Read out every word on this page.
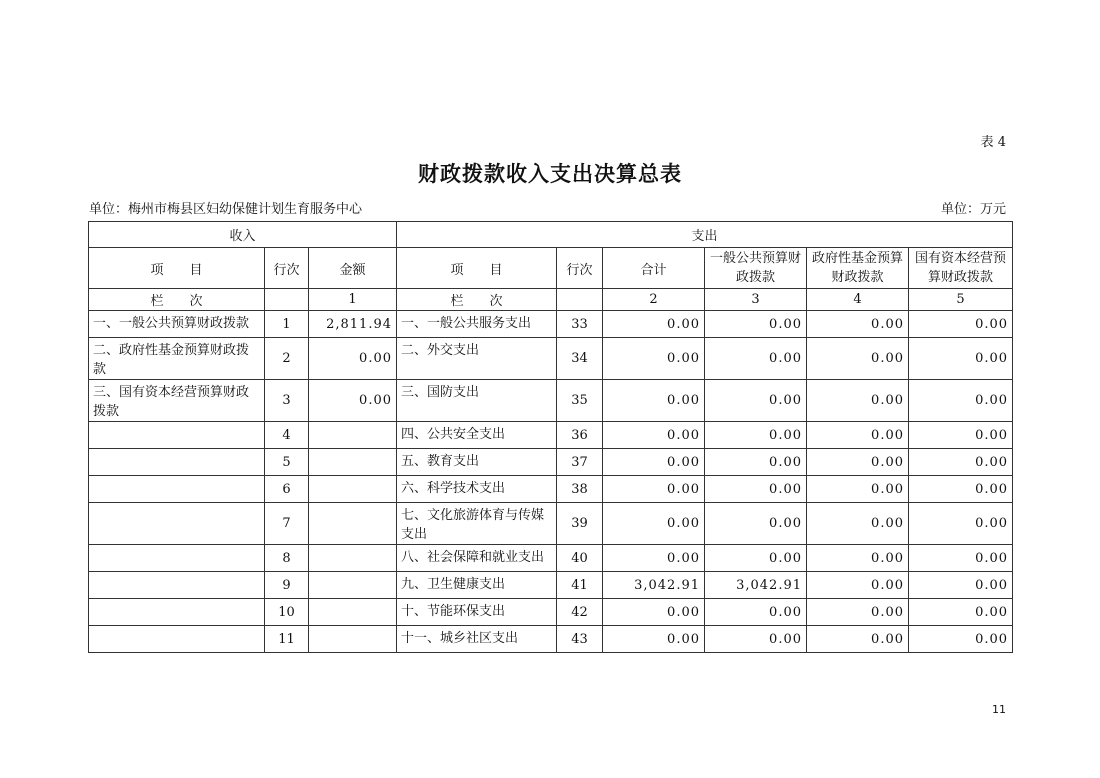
表 4
财政拨款收入支出决算总表
单位：梅州市梅县区妇幼保健计划生育服务中心	单位：万元
收入			支出					
项　　目	行次	金额	项　　目	行次	合计	一般公共预算财政拨款	政府性基金预算财政拨款	国有资本经营预算财政拨款
栏　　次		1	栏　　次		2	3	4	5
一、一般公共预算财政拨款	1	2,811.94	一、一般公共服务支出	33	0.00	0.00	0.00	0.00
二、政府性基金预算财政拨款	2	0.00	二、外交支出	34	0.00	0.00	0.00	0.00
三、国有资本经营预算财政拨款	3	0.00	三、国防支出	35	0.00	0.00	0.00	0.00
	4		四、公共安全支出	36	0.00	0.00	0.00	0.00
	5		五、教育支出	37	0.00	0.00	0.00	0.00
	6		六、科学技术支出	38	0.00	0.00	0.00	0.00
	7		七、文化旅游体育与传媒支出	39	0.00	0.00	0.00	0.00
	8		八、社会保障和就业支出	40	0.00	0.00	0.00	0.00
	9		九、卫生健康支出	41	3,042.91	3,042.91	0.00	0.00
	10		十、节能环保支出	42	0.00	0.00	0.00	0.00
	11		十一、城乡社区支出	43	0.00	0.00	0.00	0.00
11
